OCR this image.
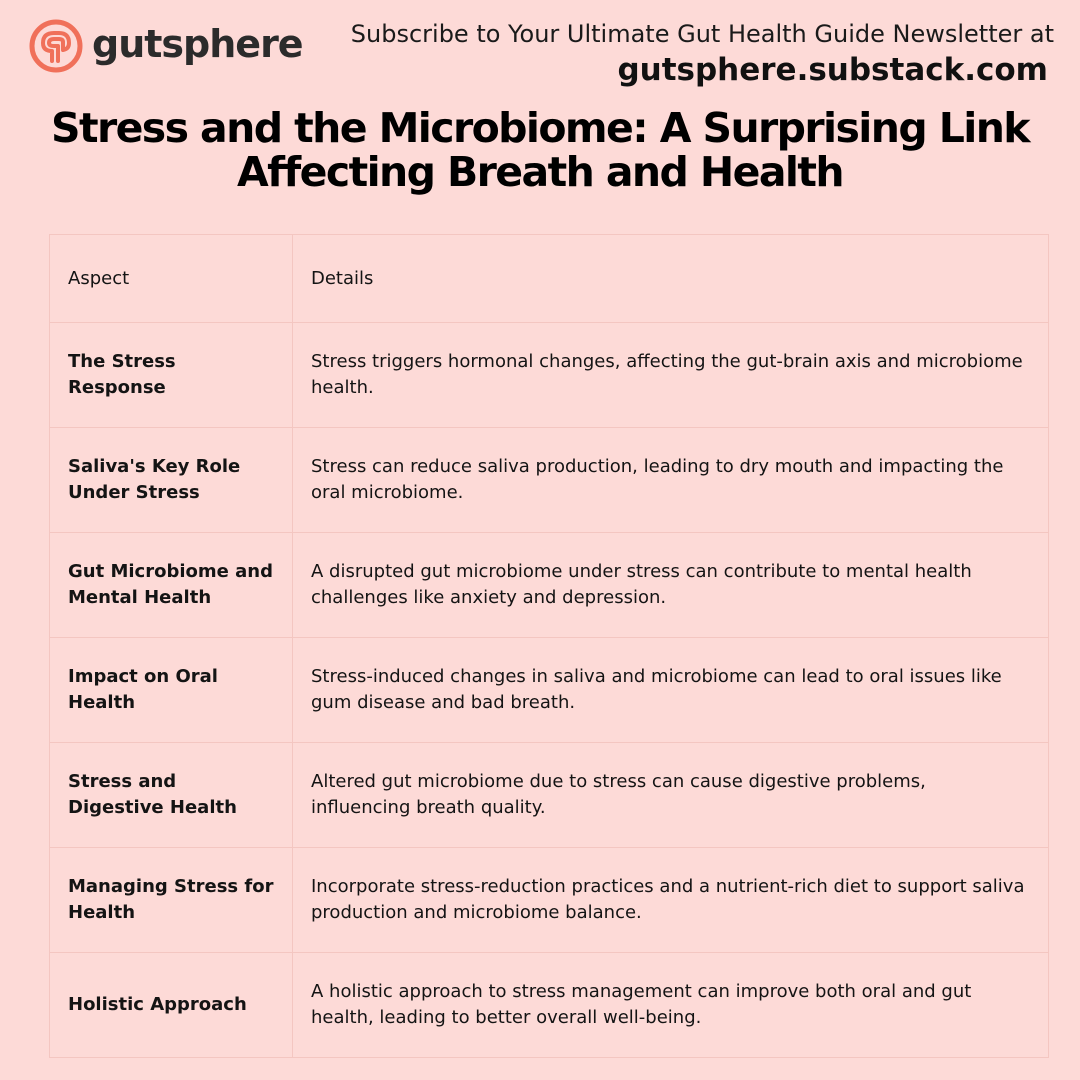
gutsphere Subscribe to Your Ultimate Gut Health Guide Newsletter at
gutsphere.substack.com
Stress and the Microbiome: A Surprising Link
Affecting Breath and Health
Aspect	Details
The Stress Response	Stress triggers hormonal changes, affecting the gut-brain axis and microbiome health.
Saliva's Key Role Under Stress	Stress can reduce saliva production, leading to dry mouth and impacting the oral microbiome.
Gut Microbiome and Mental Health	A disrupted gut microbiome under stress can contribute to mental health challenges like anxiety and depression.
Impact on Oral Health	Stress-induced changes in saliva and microbiome can lead to oral issues like gum disease and bad breath.
Stress and Digestive Health	Altered gut microbiome due to stress can cause digestive problems, influencing breath quality.
Managing Stress for Health	Incorporate stress-reduction practices and a nutrient-rich diet to support saliva production and microbiome balance.
Holistic Approach	A holistic approach to stress management can improve both oral and gut health, leading to better overall well-being.
